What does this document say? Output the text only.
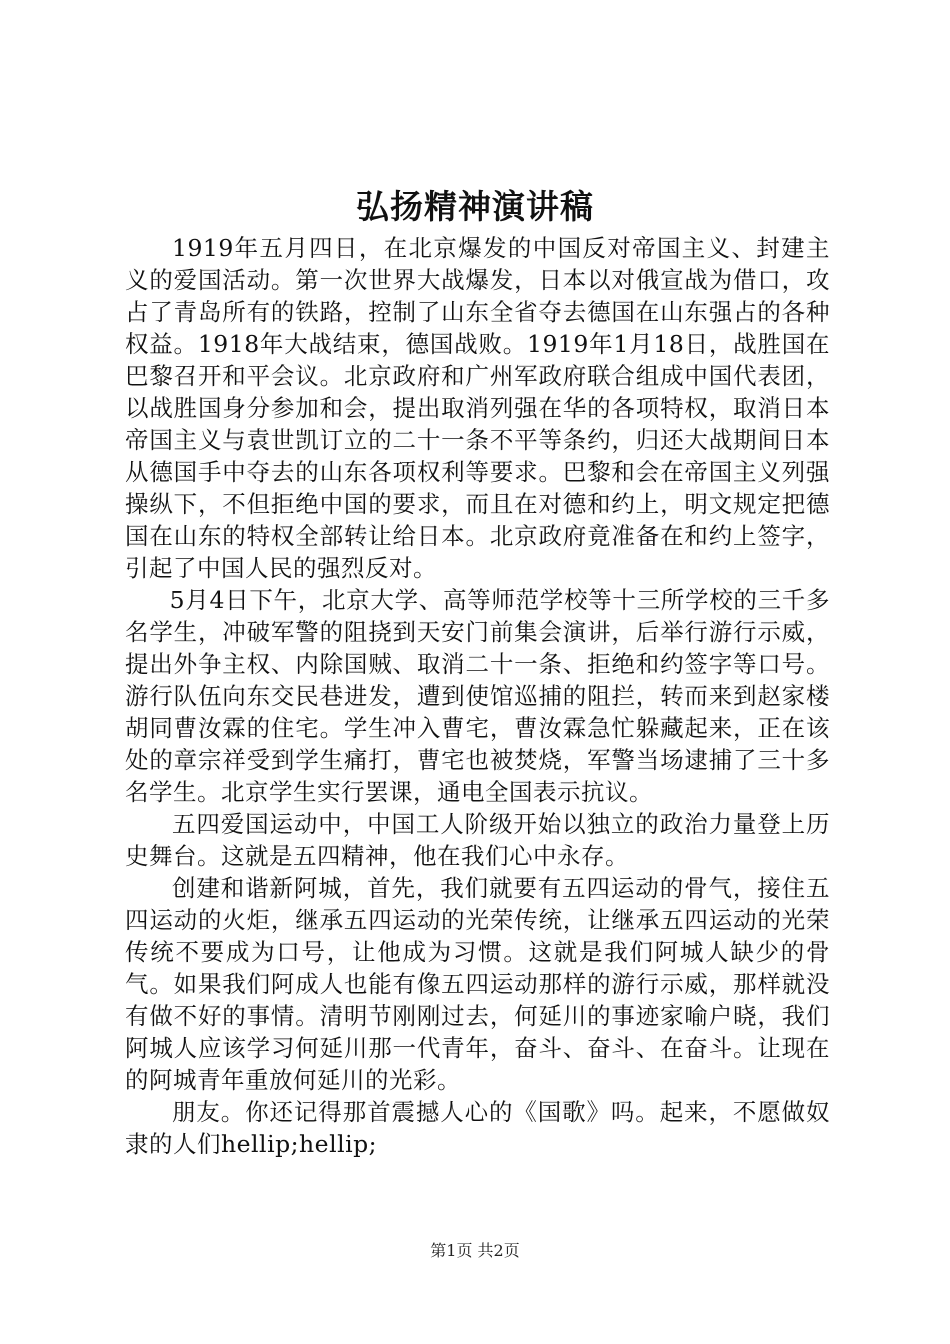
弘扬精神演讲稿

1919年五月四日，在北京爆发的中国反对帝国主义、封建主义的爱国活动。第一次世界大战爆发，日本以对俄宣战为借口，攻占了青岛所有的铁路，控制了山东全省夺去德国在山东强占的各种权益。1918年大战结束，德国战败。1919年1月18日，战胜国在巴黎召开和平会议。北京政府和广州军政府联合组成中国代表团，以战胜国身分参加和会，提出取消列强在华的各项特权，取消日本帝国主义与袁世凯订立的二十一条不平等条约，归还大战期间日本从德国手中夺去的山东各项权利等要求。巴黎和会在帝国主义列强操纵下，不但拒绝中国的要求，而且在对德和约上，明文规定把德国在山东的特权全部转让给日本。北京政府竟准备在和约上签字，引起了中国人民的强烈反对。

5月4日下午，北京大学、高等师范学校等十三所学校的三千多名学生，冲破军警的阻挠到天安门前集会演讲，后举行游行示威，提出外争主权、内除国贼、取消二十一条、拒绝和约签字等口号。游行队伍向东交民巷进发，遭到使馆巡捕的阻拦，转而来到赵家楼胡同曹汝霖的住宅。学生冲入曹宅，曹汝霖急忙躲藏起来，正在该处的章宗祥受到学生痛打，曹宅也被焚烧，军警当场逮捕了三十多名学生。北京学生实行罢课，通电全国表示抗议。

五四爱国运动中，中国工人阶级开始以独立的政治力量登上历史舞台。这就是五四精神，他在我们心中永存。

创建和谐新阿城，首先，我们就要有五四运动的骨气，接住五四运动的火炬，继承五四运动的光荣传统，让继承五四运动的光荣传统不要成为口号，让他成为习惯。这就是我们阿城人缺少的骨气。如果我们阿成人也能有像五四运动那样的游行示威，那样就没有做不好的事情。清明节刚刚过去，何延川的事迹家喻户晓，我们阿城人应该学习何延川那一代青年，奋斗、奋斗、在奋斗。让现在的阿城青年重放何延川的光彩。

朋友。你还记得那首震撼人心的《国歌》吗。起来，不愿做奴隶的人们hellip;hellip;

第1页 共2页
